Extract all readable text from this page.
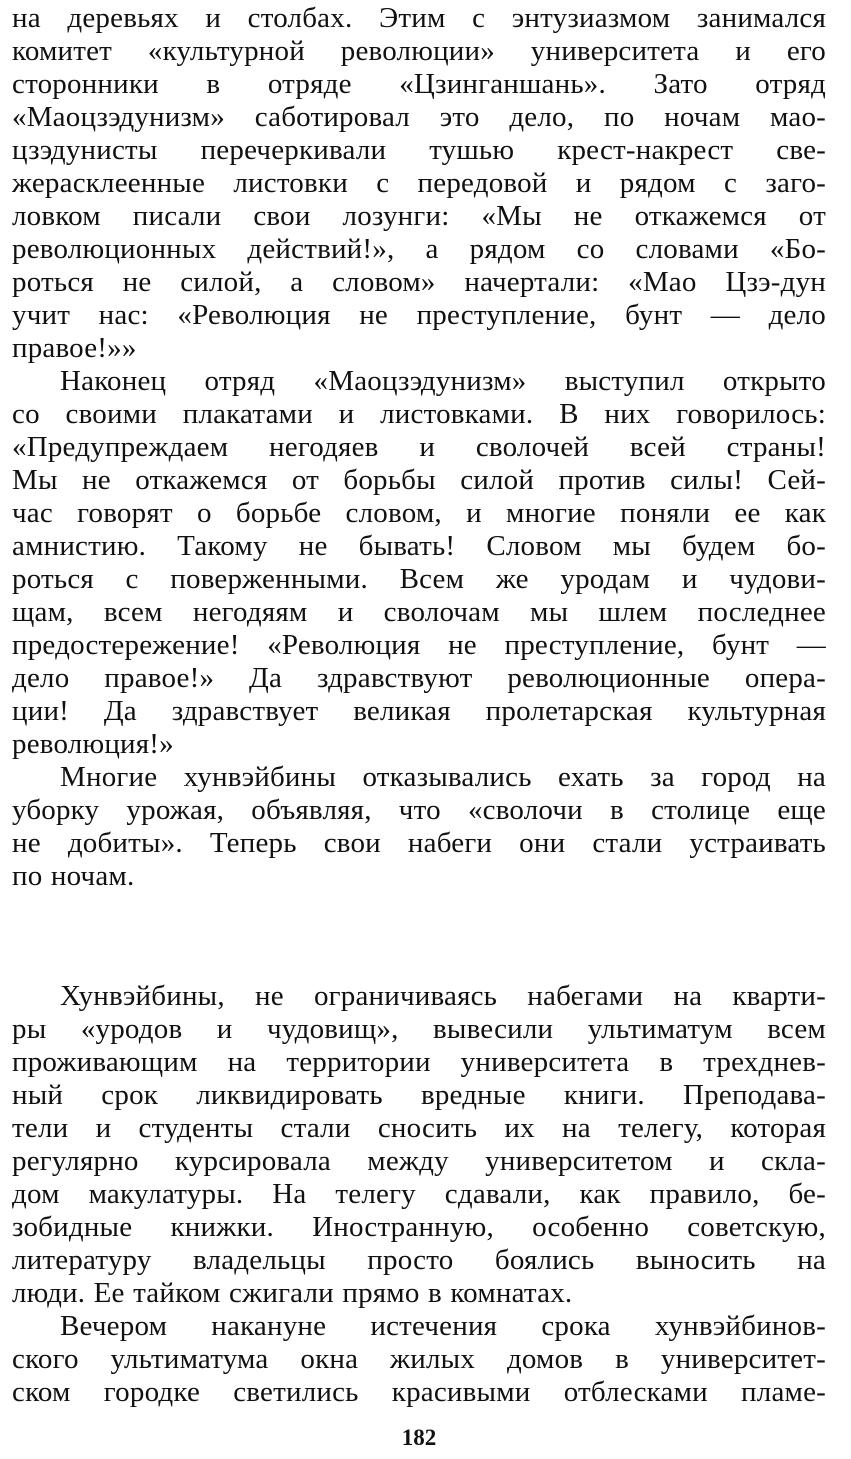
на деревьях и столбах. Этим с энтузиазмом занимался
комитет «культурной революции» университета и его
сторонники в отряде «Цзинганшань». Зато отряд
«Маоцзэдунизм» саботировал это дело, по ночам мао-
цзэдунисты перечеркивали тушью крест-накрест све-
жерасклеенные листовки с передовой и рядом с заго-
ловком писали свои лозунги: «Мы не откажемся от
революционных действий!», а рядом со словами «Бо-
роться не силой, а словом» начертали: «Мао Цзэ-дун
учит нас: «Революция не преступление, бунт — дело
правое!»»

Наконец отряд «Маоцзэдунизм» выступил открыто
со своими плакатами и листовками. В них говорилось:
«Предупреждаем негодяев и сволочей всей страны!
Мы не откажемся от борьбы силой против силы! Сей-
час говорят о борьбе словом, и многие поняли ее как
амнистию. Такому не бывать! Словом мы будем бо-
роться с поверженными. Всем же уродам и чудови-
щам, всем негодяям и сволочам мы шлем последнее
предостережение! «Революция не преступление, бунт —
дело правое!» Да здравствуют революционные опера-
ции! Да здравствует великая пролетарская культурная
революция!»

Многие хунвэйбины отказывались ехать за город на
уборку урожая, объявляя, что «сволочи в столице еще
не добиты». Теперь свои набеги они стали устраивать
по ночам.

Хунвэйбины, не ограничиваясь набегами на кварти-
ры «уродов и чудовищ», вывесили ультиматум всем
проживающим на территории университета в трехднев-
ный срок ликвидировать вредные книги. Преподава-
тели и студенты стали сносить их на телегу, которая
регулярно курсировала между университетом и скла-
дом макулатуры. На телегу сдавали, как правило, бе-
зобидные книжки. Иностранную, особенно советскую,
литературу владельцы просто боялись выносить на
люди. Ее тайком сжигали прямо в комнатах.

Вечером накануне истечения срока хунвэйбинов-
ского ультиматума окна жилых домов в университет-
ском городке светились красивыми отблесками пламе-

182
